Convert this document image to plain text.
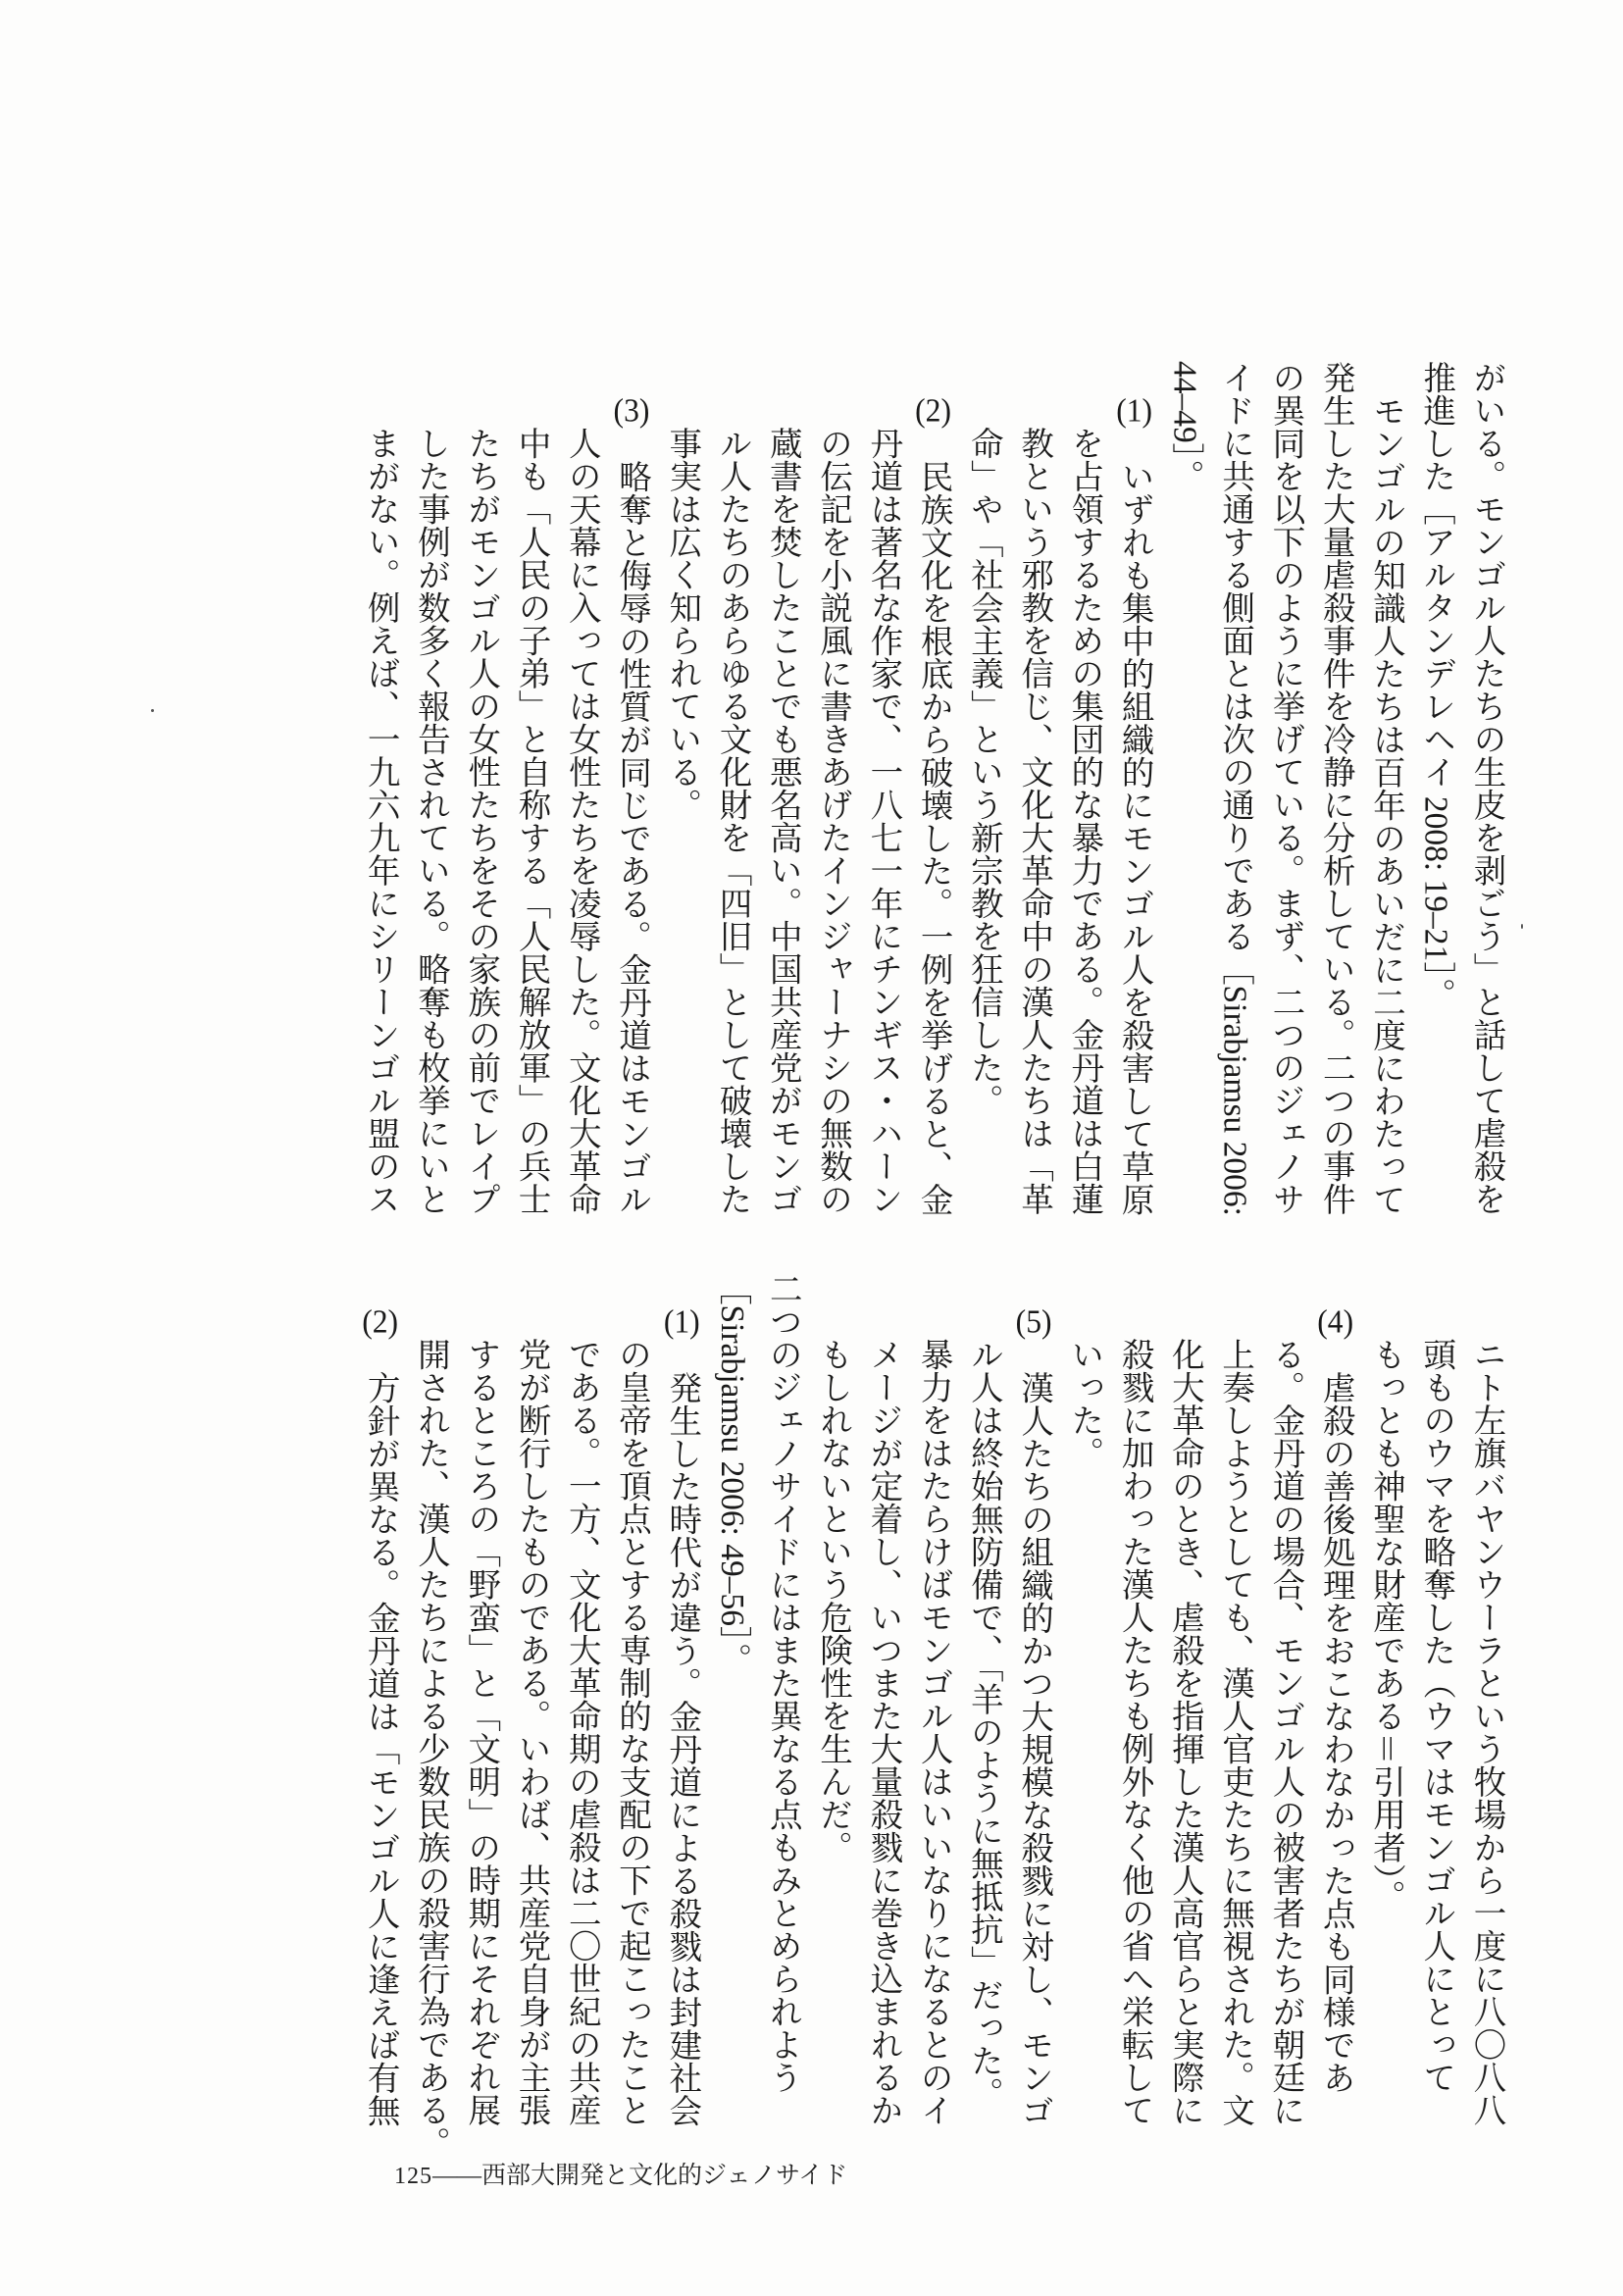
がいる。モンゴル人たちの生皮を剥ごう」と話して虐殺を
推進した［アルタンデレヘイ 2008: 19–21］。
モンゴルの知識人たちは百年のあいだに二度にわたって
発生した大量虐殺事件を冷静に分析している。二つの事件
の異同を以下のように挙げている。まず、二つのジェノサ
イドに共通する側面とは次の通りである［Sirabjamsu 2006:
44–49］。
(1)いずれも集中的組織的にモンゴル人を殺害して草原
を占領するための集団的な暴力である。金丹道は白蓮
教という邪教を信じ、文化大革命中の漢人たちは「革
命」や「社会主義」という新宗教を狂信した。
(2)民族文化を根底から破壊した。一例を挙げると、金
丹道は著名な作家で、一八七一年にチンギス・ハーン
の伝記を小説風に書きあげたインジャーナシの無数の
蔵書を焚したことでも悪名高い。中国共産党がモンゴ
ル人たちのあらゆる文化財を「四旧」として破壊した
事実は広く知られている。
(3)略奪と侮辱の性質が同じである。金丹道はモンゴル
人の天幕に入っては女性たちを凌辱した。文化大革命
中も「人民の子弟」と自称する「人民解放軍」の兵士
たちがモンゴル人の女性たちをその家族の前でレイプ
した事例が数多く報告されている。略奪も枚挙にいと
まがない。例えば、一九六九年にシリーンゴル盟のス
ニト左旗バヤンウーラという牧場から一度に八〇八八
頭ものウマを略奪した（ウマはモンゴル人にとって
もっとも神聖な財産である＝引用者）。
(4)虐殺の善後処理をおこなわなかった点も同様であ
る。金丹道の場合、モンゴル人の被害者たちが朝廷に
上奏しようとしても、漢人官吏たちに無視された。文
化大革命のとき、虐殺を指揮した漢人高官らと実際に
殺戮に加わった漢人たちも例外なく他の省へ栄転して
いった。
(5)漢人たちの組織的かつ大規模な殺戮に対し、モンゴ
ル人は終始無防備で、「羊のように無抵抗」だった。
暴力をはたらけばモンゴル人はいいなりになるとのイ
メージが定着し、いつまた大量殺戮に巻き込まれるか
もしれないという危険性を生んだ。
二つのジェノサイドにはまた異なる点もみとめられよう
［Sirabjamsu 2006: 49–56］。
(1)発生した時代が違う。金丹道による殺戮は封建社会
の皇帝を頂点とする専制的な支配の下で起こったこと
である。一方、文化大革命期の虐殺は二〇世紀の共産
党が断行したものである。いわば、共産党自身が主張
するところの「野蛮」と「文明」の時期にそれぞれ展
開された、漢人たちによる少数民族の殺害行為である。
(2)方針が異なる。金丹道は「モンゴル人に逢えば有無
125——西部大開発と文化的ジェノサイド
